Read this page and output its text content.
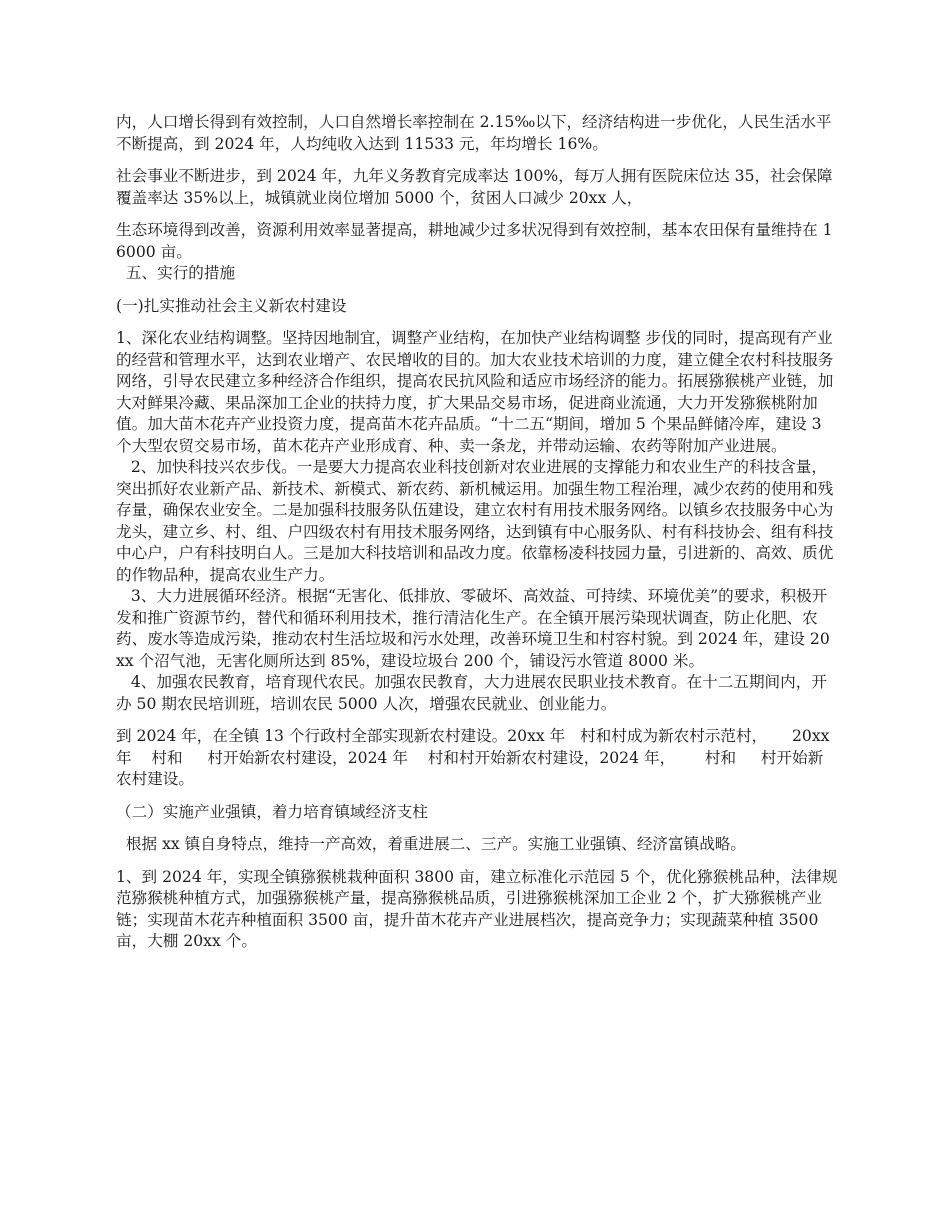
内，人口增长得到有效控制，人口自然增长率控制在 2.15‰以下，经济结构进一步优化，人民生活水平不断提高，到 2024 年，人均纯收入达到 11533 元，年均增长 16%。

社会事业不断进步，到 2024 年，九年义务教育完成率达 100%，每万人拥有医院床位达 35，社会保障覆盖率达 35%以上，城镇就业岗位增加 5000 个，贫困人口减少 20xx 人，

生态环境得到改善，资源利用效率显著提高，耕地减少过多状况得到有效控制，基本农田保有量维持在 16000 亩。

五、实行的措施

(一)扎实推动社会主义新农村建设

1、深化农业结构调整。坚持因地制宜，调整产业结构，在加快产业结构调整 步伐的同时，提高现有产业的经营和管理水平，达到农业增产、农民增收的目的。加大农业技术培训的力度，建立健全农村科技服务网络，引导农民建立多种经济合作组织，提高农民抗风险和适应市场经济的能力。拓展猕猴桃产业链，加大对鲜果冷藏、果品深加工企业的扶持力度，扩大果品交易市场，促进商业流通，大力开发猕猴桃附加值。加大苗木花卉产业投资力度，提高苗木花卉品质。“十二五“期间，增加 5 个果品鲜储冷库，建设 3 个大型农贸交易市场，苗木花卉产业形成育、种、卖一条龙，并带动运输、农药等附加产业进展。

2、加快科技兴农步伐。一是要大力提高农业科技创新对农业进展的支撑能力和农业生产的科技含量，突出抓好农业新产品、新技术、新模式、新农药、新机械运用。加强生物工程治理，减少农药的使用和残存量，确保农业安全。二是加强科技服务队伍建设，建立农村有用技术服务网络。以镇乡农技服务中心为龙头，建立乡、村、组、户四级农村有用技术服务网络，达到镇有中心服务队、村有科技协会、组有科技中心户，户有科技明白人。三是加大科技培训和品改力度。依靠杨凌科技园力量，引进新的、高效、质优的作物品种，提高农业生产力。

3、大力进展循环经济。根据“无害化、低排放、零破坏、高效益、可持续、环境优美”的要求，积极开发和推广资源节约，替代和循环利用技术，推行清洁化生产。在全镇开展污染现状调查，防止化肥、农药、废水等造成污染，推动农村生活垃圾和污水处理，改善环境卫生和村容村貌。到 2024 年，建设 20xx 个沼气池，无害化厕所达到 85%，建设垃圾台 200 个，铺设污水管道 8000 米。

4、加强农民教育，培育现代农民。加强农民教育，大力进展农民职业技术教育。在十二五期间内，开办 50 期农民培训班，培训农民 5000 人次，增强农民就业、创业能力。

到 2024 年，在全镇 13 个行政村全部实现新农村建设。20xx 年   村和村成为新农村示范村，     20xx 年    村和     村开始新农村建设，2024 年    村和村开始新农村建设，2024 年，      村和     村开始新农村建设。

（二）实施产业强镇，着力培育镇域经济支柱

根据 xx 镇自身特点，维持一产高效，着重进展二、三产。实施工业强镇、经济富镇战略。

1、到 2024 年，实现全镇猕猴桃栽种面积 3800 亩，建立标准化示范园 5 个，优化猕猴桃品种，法律规范猕猴桃种植方式，加强猕猴桃产量，提高猕猴桃品质，引进猕猴桃深加工企业 2 个，扩大猕猴桃产业链；实现苗木花卉种植面积 3500 亩，提升苗木花卉产业进展档次，提高竞争力；实现蔬菜种植 3500 亩，大棚 20xx 个。
